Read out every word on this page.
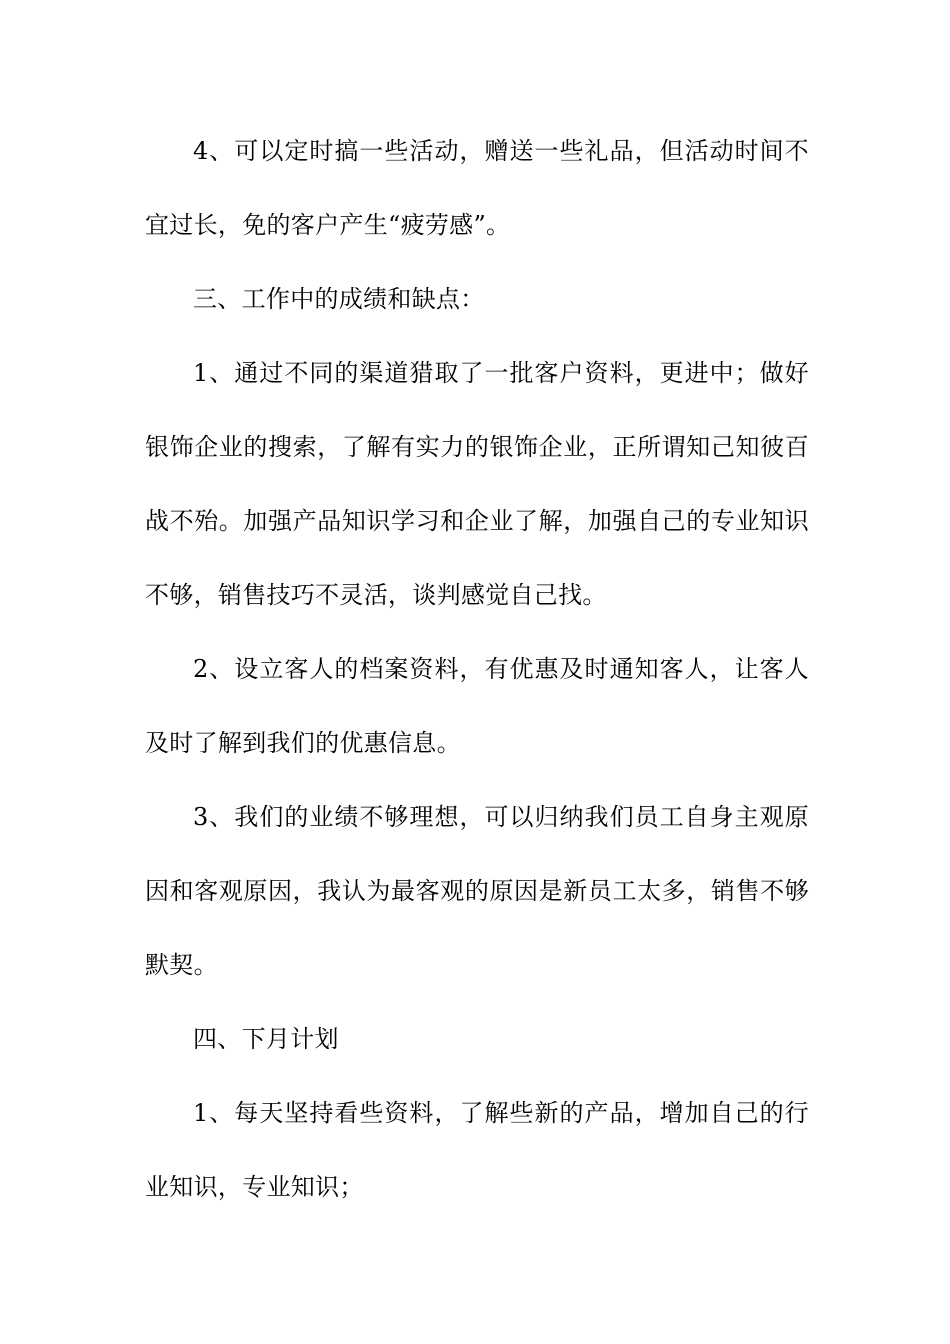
4、可以定时搞一些活动，赠送一些礼品，但活动时间不宜过长，免的客户产生“疲劳感”。

三、工作中的成绩和缺点：

1、通过不同的渠道猎取了一批客户资料，更进中；做好银饰企业的搜索，了解有实力的银饰企业，正所谓知己知彼百战不殆。加强产品知识学习和企业了解，加强自己的专业知识不够，销售技巧不灵活，谈判感觉自己找。

2、设立客人的档案资料，有优惠及时通知客人，让客人及时了解到我们的优惠信息。

3、我们的业绩不够理想，可以归纳我们员工自身主观原因和客观原因，我认为最客观的原因是新员工太多，销售不够默契。

四、下月计划

1、每天坚持看些资料，了解些新的产品，增加自己的行业知识，专业知识；
